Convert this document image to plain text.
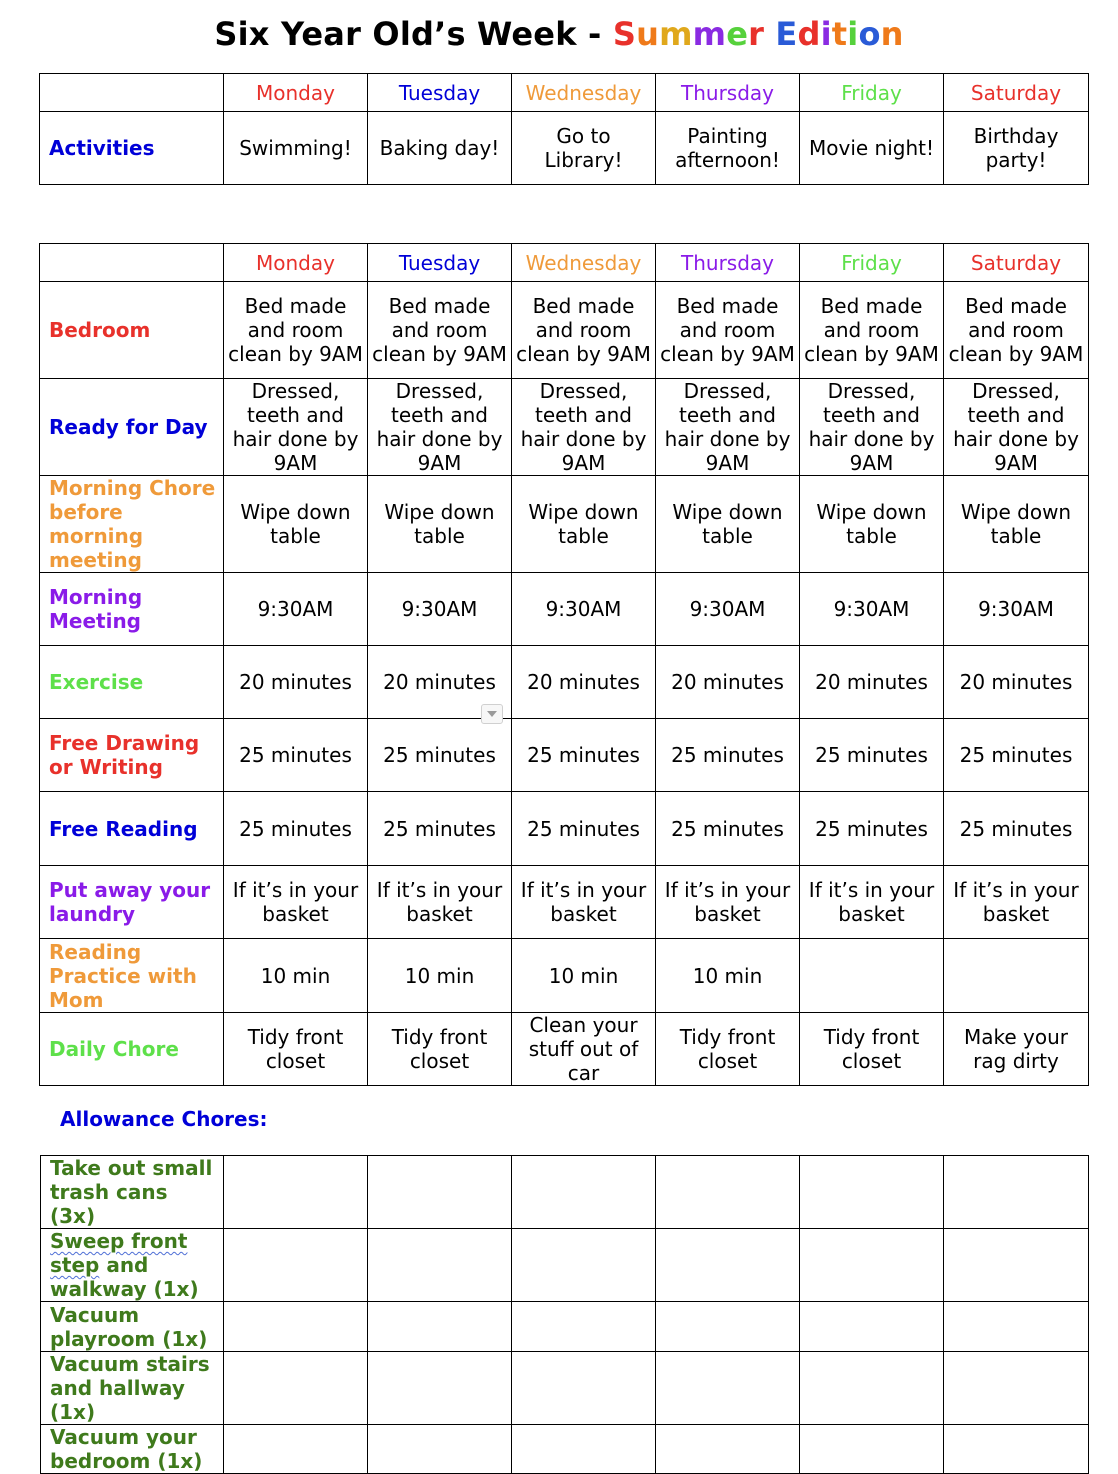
Six Year Old’s Week - Summer Edition
	Monday	Tuesday	Wednesday	Thursday	Friday	Saturday
Activities	Swimming!	Baking day!	Go to Library!	Painting afternoon!	Movie night!	Birthday party!
	Monday	Tuesday	Wednesday	Thursday	Friday	Saturday
Bedroom	Bed made and room clean by 9AM	Bed made and room clean by 9AM	Bed made and room clean by 9AM	Bed made and room clean by 9AM	Bed made and room clean by 9AM	Bed made and room clean by 9AM
Ready for Day	Dressed, teeth and hair done by 9AM	Dressed, teeth and hair done by 9AM	Dressed, teeth and hair done by 9AM	Dressed, teeth and hair done by 9AM	Dressed, teeth and hair done by 9AM	Dressed, teeth and hair done by 9AM
Morning Chore before morning meeting	Wipe down table	Wipe down table	Wipe down table	Wipe down table	Wipe down table	Wipe down table
Morning Meeting	9:30AM	9:30AM	9:30AM	9:30AM	9:30AM	9:30AM
Exercise	20 minutes	20 minutes	20 minutes	20 minutes	20 minutes	20 minutes
Free Drawing or Writing	25 minutes	25 minutes	25 minutes	25 minutes	25 minutes	25 minutes
Free Reading	25 minutes	25 minutes	25 minutes	25 minutes	25 minutes	25 minutes
Put away your laundry	If it’s in your basket	If it’s in your basket	If it’s in your basket	If it’s in your basket	If it’s in your basket	If it’s in your basket
Reading Practice with Mom	10 min	10 min	10 min	10 min		
Daily Chore	Tidy front closet	Tidy front closet	Clean your stuff out of car	Tidy front closet	Tidy front closet	Make your rag dirty
Allowance Chores:
Take out small trash cans (3x)						
Sweep front step and walkway (1x)						
Vacuum playroom (1x)						
Vacuum stairs and hallway (1x)						
Vacuum your bedroom (1x)						
